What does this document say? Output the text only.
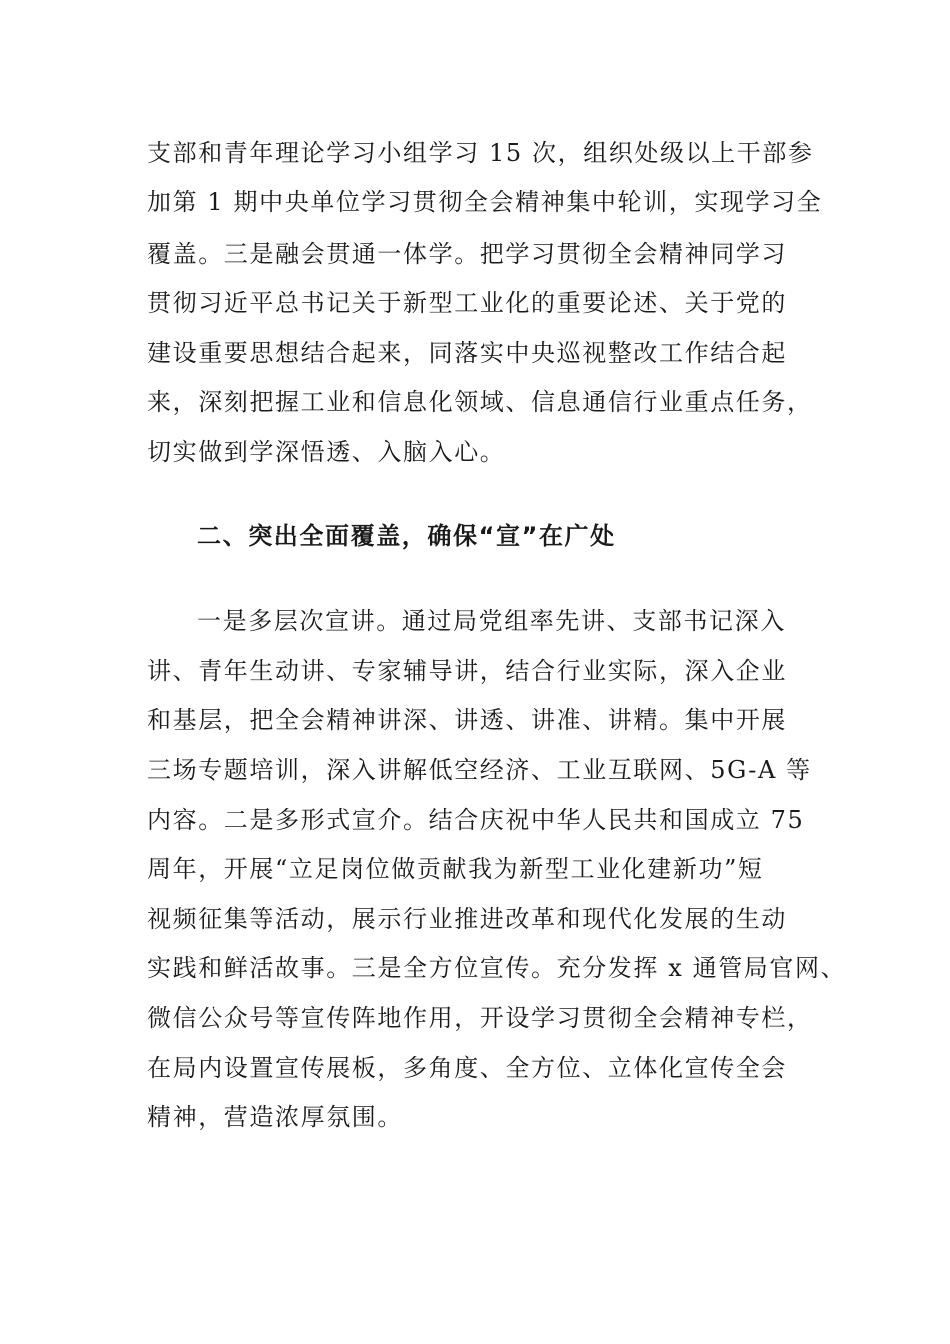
支部和青年理论学习小组学习 15 次，组织处级以上干部参
加第 1 期中央单位学习贯彻全会精神集中轮训，实现学习全
覆盖。三是融会贯通一体学。把学习贯彻全会精神同学习
贯彻习近平总书记关于新型工业化的重要论述、关于党的
建设重要思想结合起来，同落实中央巡视整改工作结合起
来，深刻把握工业和信息化领域、信息通信行业重点任务，
切实做到学深悟透、入脑入心。
二、突出全面覆盖，确保“宣”在广处
一是多层次宣讲。通过局党组率先讲、支部书记深入
讲、青年生动讲、专家辅导讲，结合行业实际，深入企业
和基层，把全会精神讲深、讲透、讲准、讲精。集中开展
三场专题培训，深入讲解低空经济、工业互联网、5G-A 等
内容。二是多形式宣介。结合庆祝中华人民共和国成立 75
周年，开展“立足岗位做贡献我为新型工业化建新功”短
视频征集等活动，展示行业推进改革和现代化发展的生动
实践和鲜活故事。三是全方位宣传。充分发挥 x 通管局官网、
微信公众号等宣传阵地作用，开设学习贯彻全会精神专栏，
在局内设置宣传展板，多角度、全方位、立体化宣传全会
精神，营造浓厚氛围。
